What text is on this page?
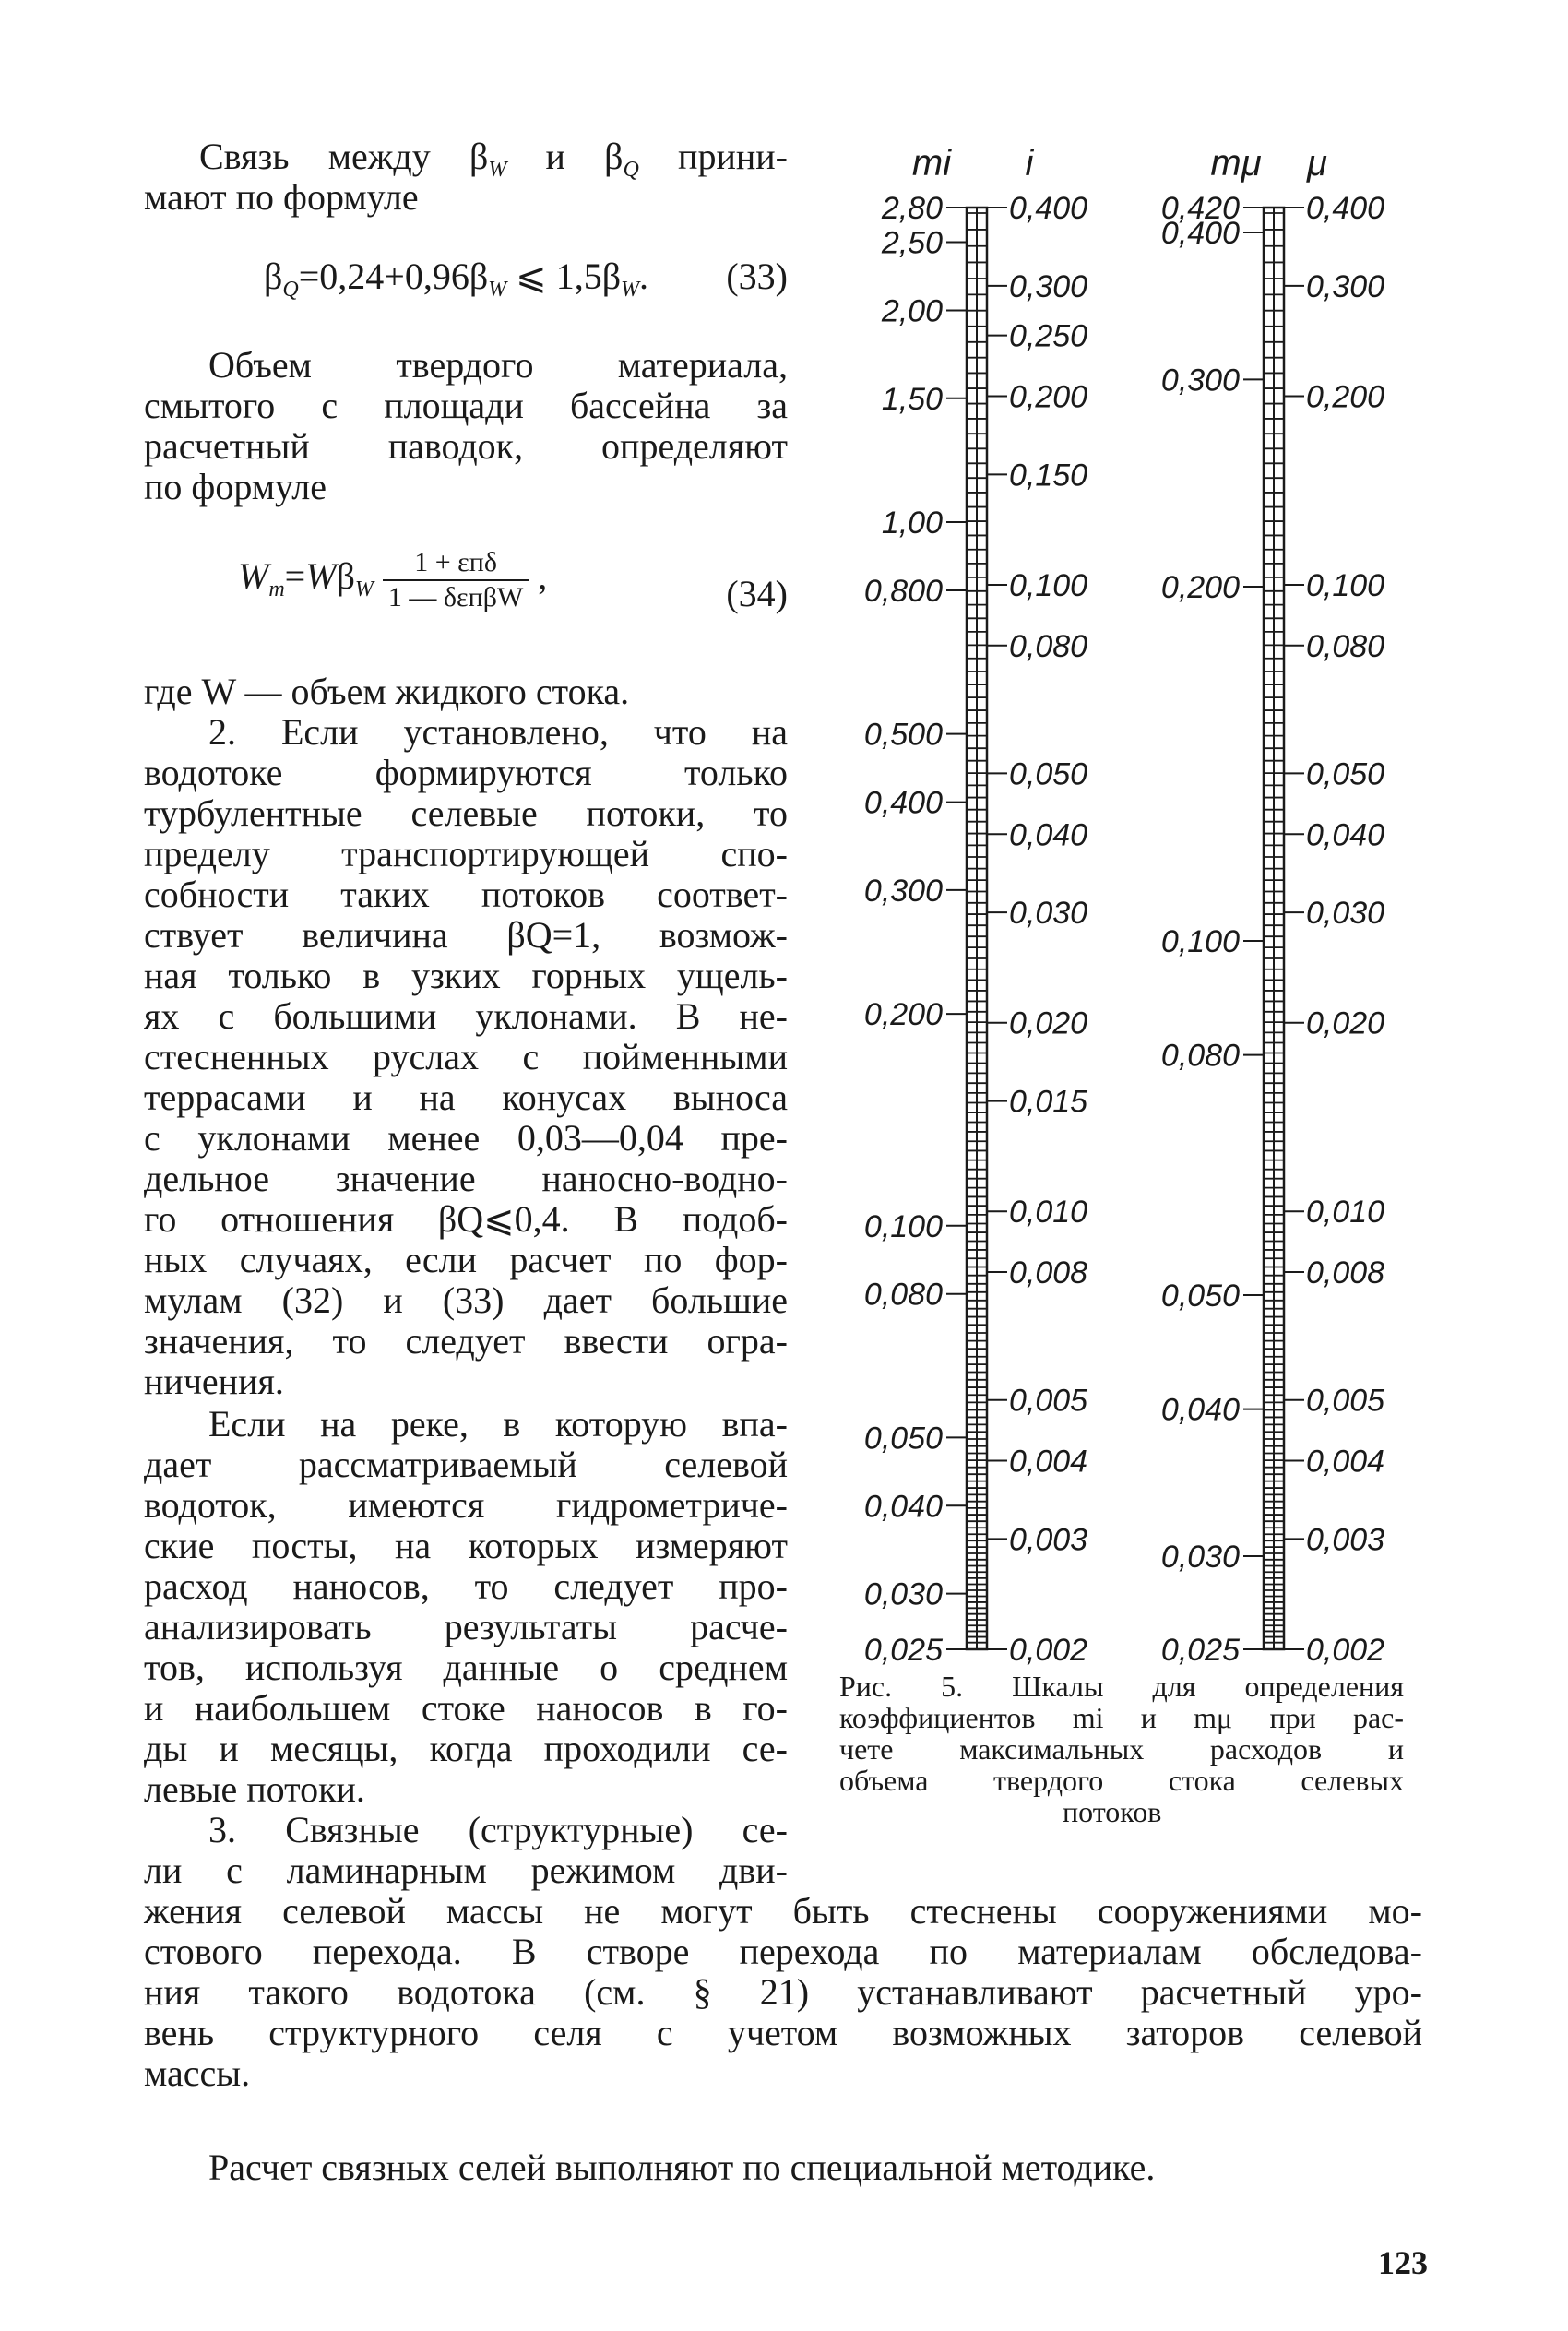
Связь между $\beta_W$ и $\beta_Q$ прини-
мают по формуле
$\beta_Q=0,24+0,96\beta_W$ ⩽ $1,5\beta_W$. (33)
Объем твердого материала,
смытого с площади бассейна за
расчетный паводок, определяют
по формуле
$W_т=W\beta_W \frac{\text{1 + εпδ}}{\text{1 — δεпβW}}$ ,	(34)
где W — объем жидкого стока.
2. Если установлено, что на
водотоке формируются только
турбулентные селевые потоки, то
пределу транспортирующей спо-
собности таких потоков соответ-
ствует величина βQ=1, возмож-
ная только в узких горных ущель-
ях с большими уклонами. В не-
стесненных руслах с пойменными
террасами и на конусах выноса
с уклонами менее 0,03—0,04 пре-
дельное значение наносно-водно-
го отношения βQ⩽0,4. В подоб-
ных случаях, если расчет по фор-
мулам (32) и (33) дает большие
значения, то следует ввести огра-
ничения.
Если на реке, в которую впа-
дает рассматриваемый селевой
водоток, имеются гидрометриче-
ские посты, на которых измеряют
расход наносов, то следует про-
анализировать результаты расче-
тов, используя данные о среднем
и наибольшем стоке наносов в го-
ды и месяцы, когда проходили се-
левые потоки.
3. Связные (структурные) се-
ли с ламинарным режимом дви-
жения селевой массы не могут быть стеснены сооружениями мо-
стового перехода. В створе перехода по материалам обследова-
ния такого водотока (см. § 21) устанавливают расчетный уро-
вень структурного селя с учетом возможных заторов селевой
массы.
Расчет связных селей выполняют по специальной методике.
123
mi i
2,80
2,50
2,00
1,50
1,00
0,800
0,500
0,400
0,300
0,200
0,100
0,080
0,050
0,040
0,030
0,025
0,400
0,300
0,250
0,200
0,150
0,100
0,080
0,050
0,040
0,030
0,020
0,015
0,010
0,008
0,005
0,004
0,003
0,002
mμ μ
0,420
0,400
0,300
0,200
0,100
0,080
0,050
0,040
0,030
0,025
0,400
0,300
0,200
0,100
0,080
0,050
0,040
0,030
0,020
0,010
0,008
0,005
0,004
0,003
0,002
Рис. 5. Шкалы для определения
коэффициентов mi и mμ при рас-
чете максимальных расходов и
объема твердого стока селевых
потоков
